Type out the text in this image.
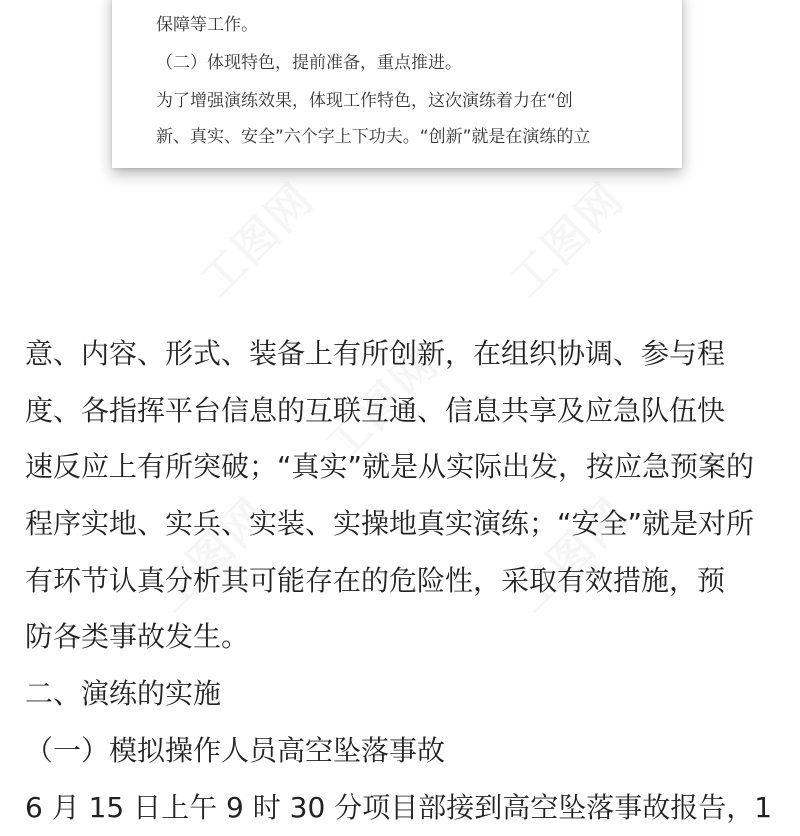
保障等工作。
（二）体现特色，提前准备，重点推进。
为了增强演练效果，体现工作特色，这次演练着力在“创
新、真实、安全”六个字上下功夫。“创新”就是在演练的立
意、内容、形式、装备上有所创新，在组织协调、参与程
度、各指挥平台信息的互联互通、信息共享及应急队伍快
速反应上有所突破；“真实”就是从实际出发，按应急预案的
程序实地、实兵、实装、实操地真实演练；“安全”就是对所
有环节认真分析其可能存在的危险性，采取有效措施，预
防各类事故发生。
二、演练的实施
（一）模拟操作人员高空坠落事故
6 月 15 日上午 9 时 30 分项目部接到高空坠落事故报告，1
